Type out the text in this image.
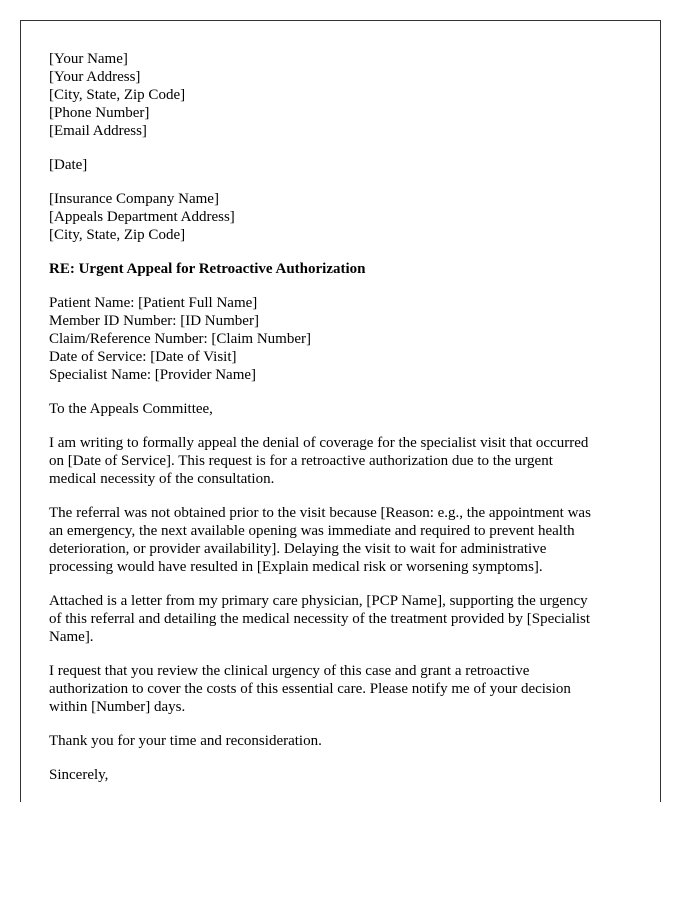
[Your Name]
[Your Address]
[City, State, Zip Code]
[Phone Number]
[Email Address]
[Date]
[Insurance Company Name]
[Appeals Department Address]
[City, State, Zip Code]
RE: Urgent Appeal for Retroactive Authorization
Patient Name: [Patient Full Name]
Member ID Number: [ID Number]
Claim/Reference Number: [Claim Number]
Date of Service: [Date of Visit]
Specialist Name: [Provider Name]
To the Appeals Committee,
I am writing to formally appeal the denial of coverage for the specialist visit that occurred
on [Date of Service]. This request is for a retroactive authorization due to the urgent
medical necessity of the consultation.
The referral was not obtained prior to the visit because [Reason: e.g., the appointment was
an emergency, the next available opening was immediate and required to prevent health
deterioration, or provider availability]. Delaying the visit to wait for administrative
processing would have resulted in [Explain medical risk or worsening symptoms].
Attached is a letter from my primary care physician, [PCP Name], supporting the urgency
of this referral and detailing the medical necessity of the treatment provided by [Specialist
Name].
I request that you review the clinical urgency of this case and grant a retroactive
authorization to cover the costs of this essential care. Please notify me of your decision
within [Number] days.
Thank you for your time and reconsideration.
Sincerely,
